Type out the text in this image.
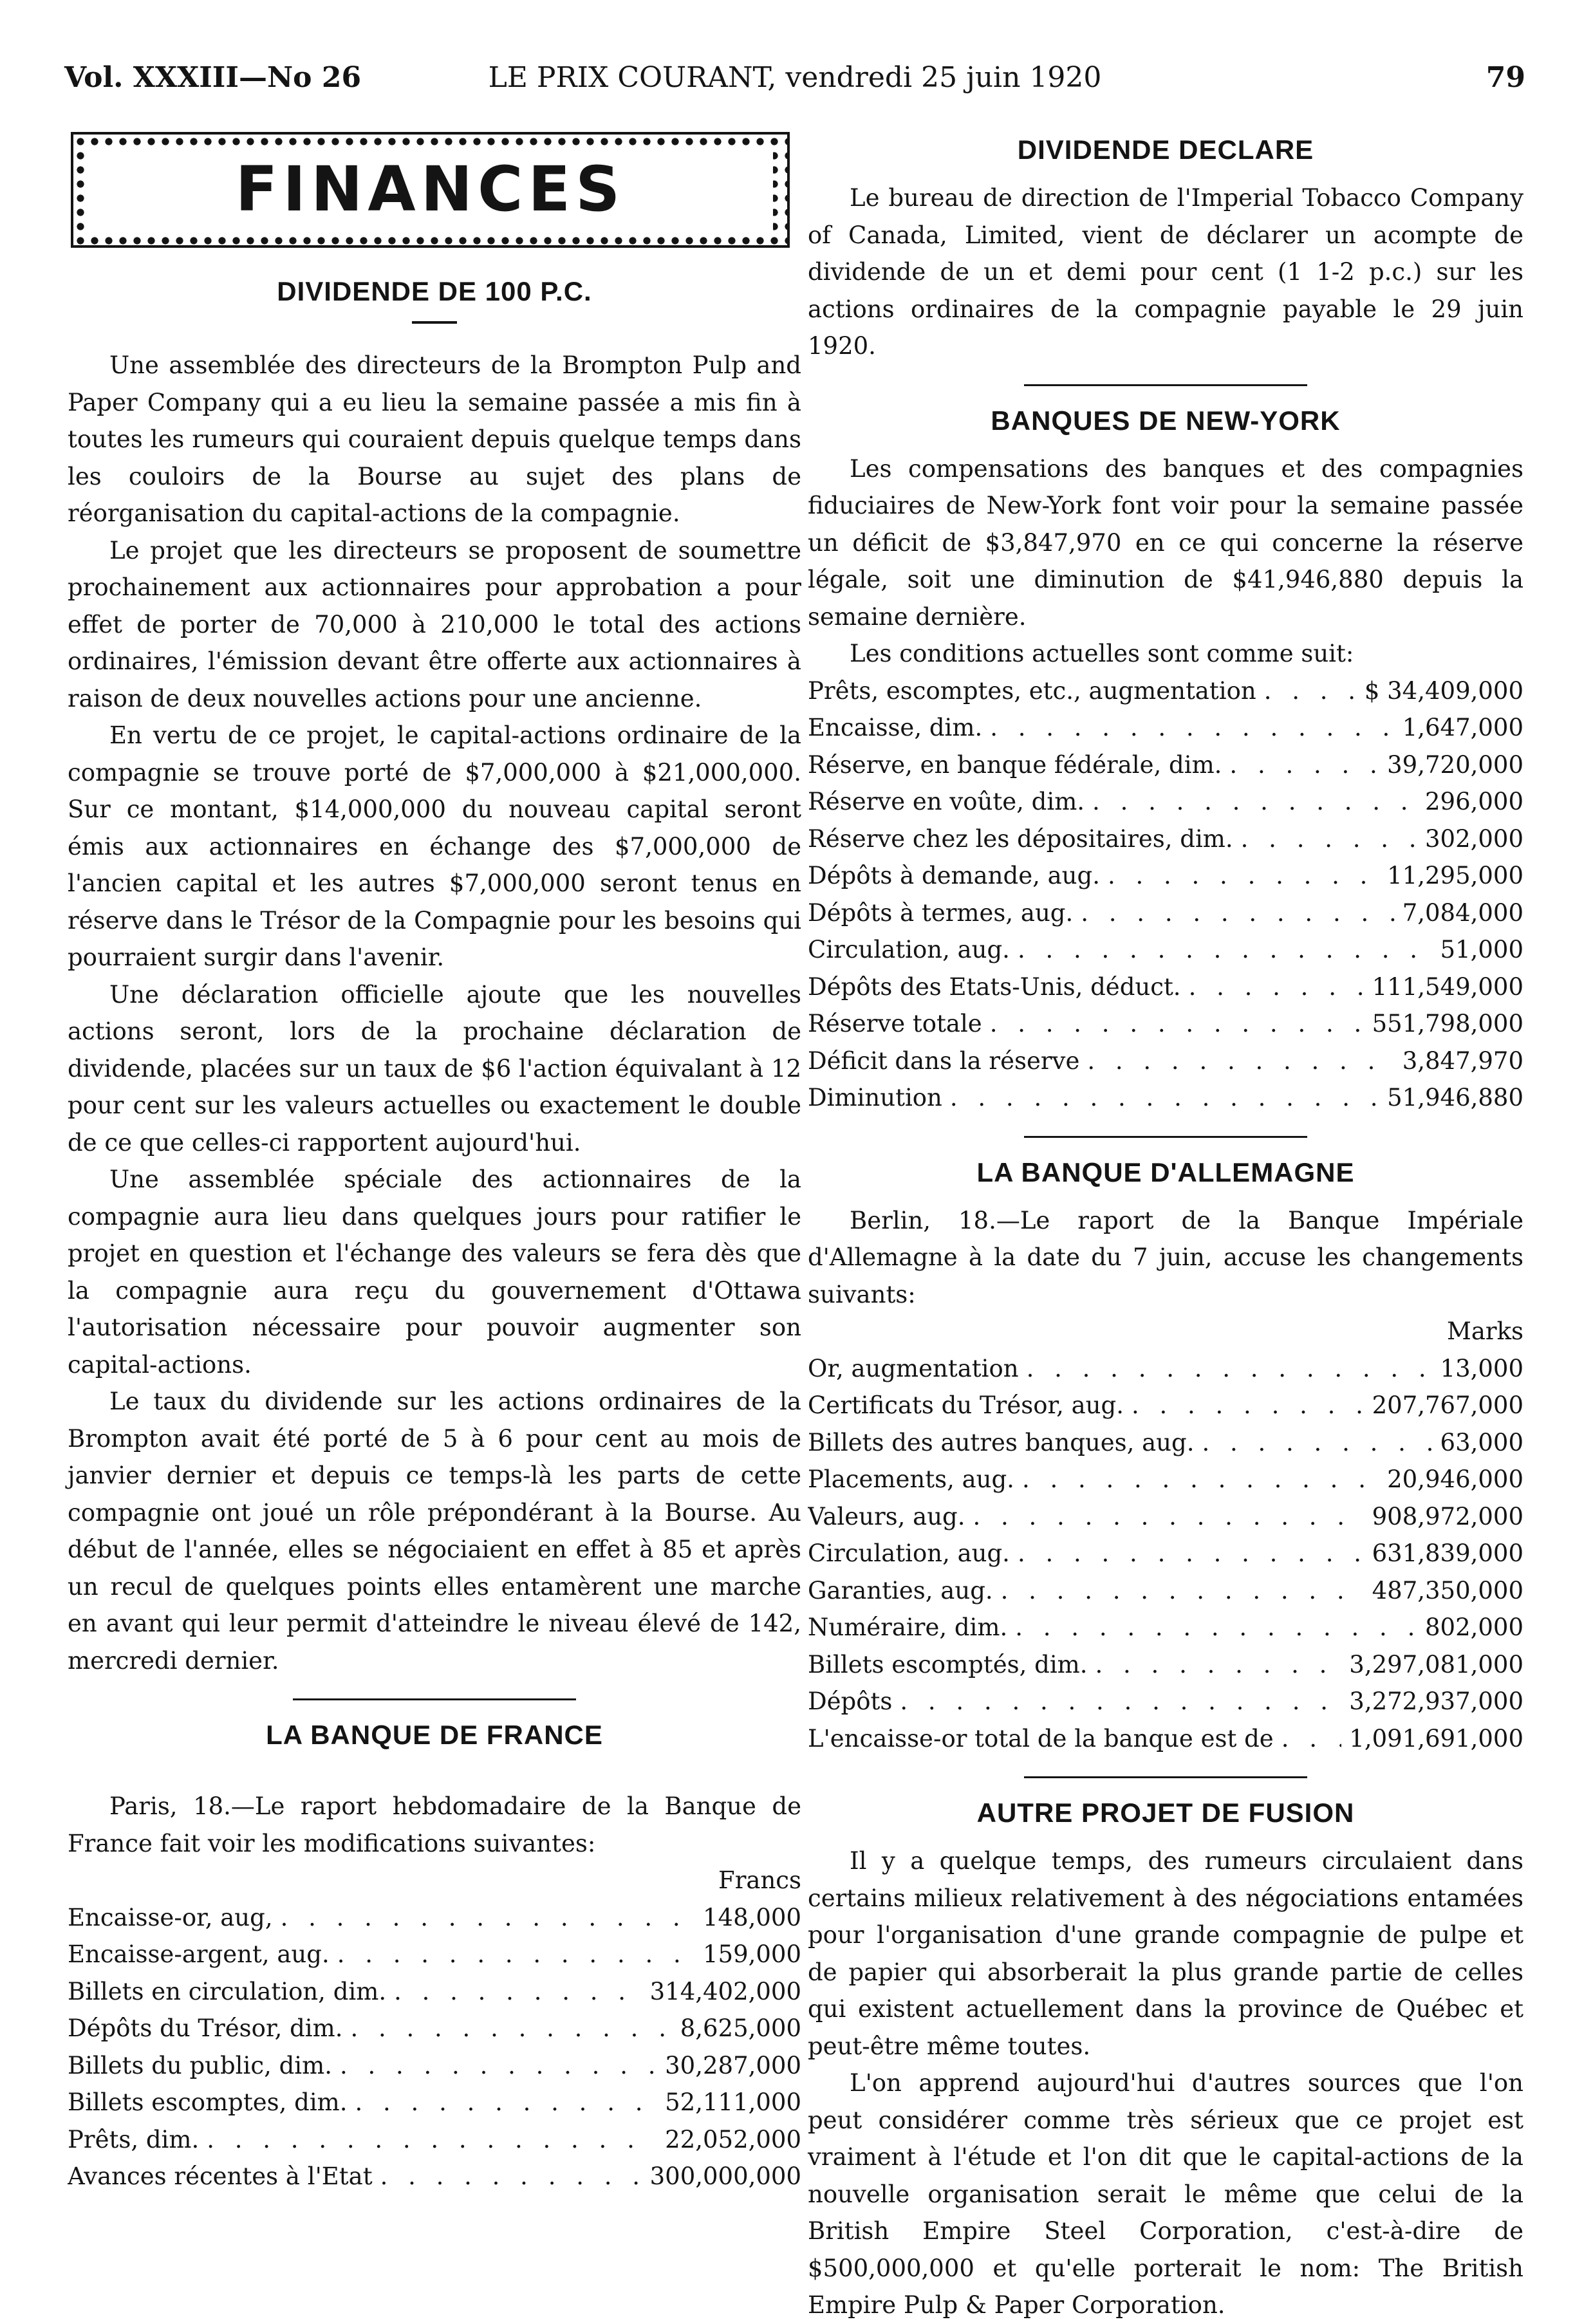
Vol. XXXIII—No 26	LE PRIX COURANT, vendredi 25 juin 1920	79
FINANCES
DIVIDENDE DE 100 P.C.

Une assemblée des directeurs de la Brompton Pulp and Paper Company qui a eu lieu la semaine passée a mis fin à toutes les rumeurs qui couraient depuis quelque temps dans les couloirs de la Bourse au sujet des plans de réorganisation du capital-actions de la compagnie.

Le projet que les directeurs se proposent de soumettre prochainement aux actionnaires pour approbation a pour effet de porter de 70,000 à 210,000 le total des actions ordinaires, l'émission devant être offerte aux actionnaires à raison de deux nouvelles actions pour une ancienne.

En vertu de ce projet, le capital-actions ordinaire de la compagnie se trouve porté de $7,000,000 à $21,000,000. Sur ce montant, $14,000,000 du nouveau capital seront émis aux actionnaires en échange des $7,000,000 de l'ancien capital et les autres $7,000,000 seront tenus en réserve dans le Trésor de la Compagnie pour les besoins qui pourraient surgir dans l'avenir.

Une déclaration officielle ajoute que les nouvelles actions seront, lors de la prochaine déclaration de dividende, placées sur un taux de $6 l'action équivalant à 12 pour cent sur les valeurs actuelles ou exactement le double de ce que celles-ci rapportent aujourd'hui.

Une assemblée spéciale des actionnaires de la compagnie aura lieu dans quelques jours pour ratifier le projet en question et l'échange des valeurs se fera dès que la compagnie aura reçu du gouvernement d'Ottawa l'autorisation nécessaire pour pouvoir augmenter son capital-actions.

Le taux du dividende sur les actions ordinaires de la Brompton avait été porté de 5 à 6 pour cent au mois de janvier dernier et depuis ce temps-là les parts de cette compagnie ont joué un rôle prépondérant à la Bourse. Au début de l'année, elles se négociaient en effet à 85 et après un recul de quelques points elles entamèrent une marche en avant qui leur permit d'atteindre le niveau élevé de 142, mercredi dernier.

LA BANQUE DE FRANCE

Paris, 18.—Le raport hebdomadaire de la Banque de France fait voir les modifications suivantes:

Francs
Encaisse-or, aug, . . .	148,000
Encaisse-argent, aug. . . .	159,000
Billets en circulation, dim. . . .	314,402,000
Dépôts du Trésor, dim. . . .	8,625,000
Billets du public, dim. . . .	30,287,000
Billets escomptes, dim. . . .	52,111,000
Prêts, dim. . . .	22,052,000
Avances récentes à l'Etat . . .	300,000,000
DIVIDENDE DECLARE

Le bureau de direction de l'Imperial Tobacco Company of Canada, Limited, vient de déclarer un acompte de dividende de un et demi pour cent (1 1-2 p.c.) sur les actions ordinaires de la compagnie payable le 29 juin 1920.

BANQUES DE NEW-YORK

Les compensations des banques et des compagnies fiduciaires de New-York font voir pour la semaine passée un déficit de $3,847,970 en ce qui concerne la réserve légale, soit une diminution de $41,946,880 depuis la semaine dernière.

Les conditions actuelles sont comme suit:

Prêts, escomptes, etc., augmentation . . .	$ 34,409,000
Encaisse, dim. . . .	1,647,000
Réserve, en banque fédérale, dim. . . .	39,720,000
Réserve en voûte, dim. . . .	296,000
Réserve chez les dépositaires, dim. . . .	302,000
Dépôts à demande, aug. . . .	11,295,000
Dépôts à termes, aug. . . .	7,084,000
Circulation, aug. . . .	51,000
Dépôts des Etats-Unis, déduct. . . .	111,549,000
Réserve totale . . .	551,798,000
Déficit dans la réserve . . .	3,847,970
Diminution . . .	51,946,880
LA BANQUE D'ALLEMAGNE

Berlin, 18.—Le raport de la Banque Impériale d'Allemagne à la date du 7 juin, accuse les changements suivants:

Marks
Or, augmentation . . .	13,000
Certificats du Trésor, aug. . . .	207,767,000
Billets des autres banques, aug. . . .	63,000
Placements, aug. . . .	20,946,000
Valeurs, aug. . . .	908,972,000
Circulation, aug. . . .	631,839,000
Garanties, aug. . . .	487,350,000
Numéraire, dim. . . .	802,000
Billets escomptés, dim. . . .	3,297,081,000
Dépôts . . .	3,272,937,000
L'encaisse-or total de la banque est de . . .	1,091,691,000
AUTRE PROJET DE FUSION

Il y a quelque temps, des rumeurs circulaient dans certains milieux relativement à des négociations entamées pour l'organisation d'une grande compagnie de pulpe et de papier qui absorberait la plus grande partie de celles qui existent actuellement dans la province de Québec et peut-être même toutes.

L'on apprend aujourd'hui d'autres sources que l'on peut considérer comme très sérieux que ce projet est vraiment à l'étude et l'on dit que le capital-actions de la nouvelle organisation serait le même que celui de la British Empire Steel Corporation, c'est-à-dire de $500,000,000 et qu'elle porterait le nom: The British Empire Pulp & Paper Corporation.
